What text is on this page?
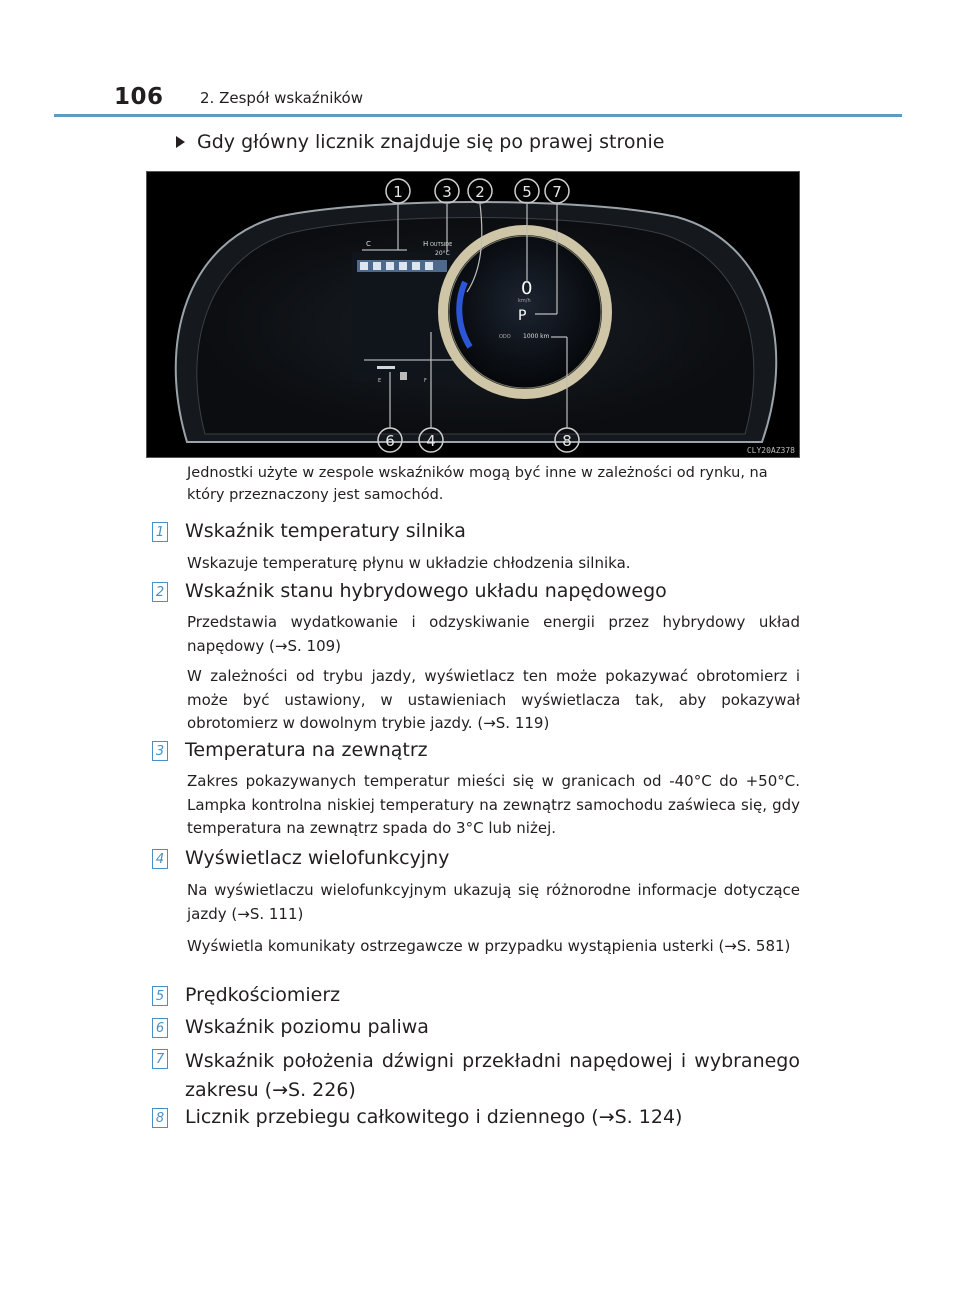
106 2. Zespół wskaźników
Gdy główny licznik znajduje się po prawej stronie
C	H OUTSIDE
20°C
E	F
0
km/h
P
ODO 1000 km
1	3 2 5 7
6 4	8
CLY20AZ378
Jednostki użyte w zespole wskaźników mogą być inne w zależności od rynku, na który przeznaczony jest samochód.
1 Wskaźnik temperatury silnika
Wskazuje temperaturę płynu w układzie chłodzenia silnika.
2 Wskaźnik stanu hybrydowego układu napędowego
Przedstawia wydatkowanie i odzyskiwanie energii przez hybrydowy układ napędowy (→S. 109)
W zależności od trybu jazdy, wyświetlacz ten może pokazywać obrotomierz i może być ustawiony, w ustawieniach wyświetlacza tak, aby pokazywał obrotomierz w dowolnym trybie jazdy. (→S. 119)
3 Temperatura na zewnątrz
Zakres pokazywanych temperatur mieści się w granicach od -40°C do +50°C. Lampka kontrolna niskiej temperatury na zewnątrz samochodu zaświeca się, gdy temperatura na zewnątrz spada do 3°C lub niżej.
4 Wyświetlacz wielofunkcyjny
Na wyświetlaczu wielofunkcyjnym ukazują się różnorodne informacje dotyczące jazdy (→S. 111)
Wyświetla komunikaty ostrzegawcze w przypadku wystąpienia usterki (→S. 581)
5 Prędkościomierz
6 Wskaźnik poziomu paliwa
7 Wskaźnik położenia dźwigni przekładni napędowej i wybranego zakresu (→S. 226)
8 Licznik przebiegu całkowitego i dziennego (→S. 124)
